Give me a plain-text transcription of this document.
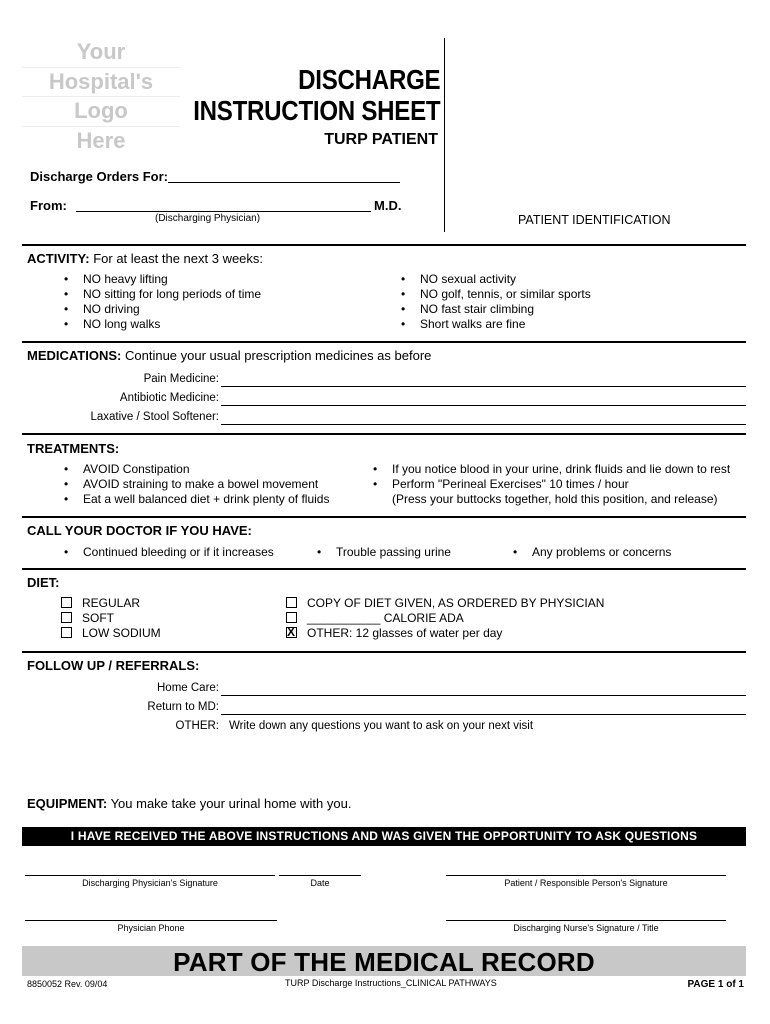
Your
Hospital's
Logo
Here
DISCHARGE
INSTRUCTION SHEET
TURP PATIENT
Discharge Orders For:
From:	M.D.
(Discharging Physician)	PATIENT IDENTIFICATION
ACTIVITY: For at least the next 3 weeks:
• NO heavy lifting
• NO sitting for long periods of time
• NO driving
• NO long walks
• NO sexual activity
• NO golf, tennis, or similar sports
• NO fast stair climbing
• Short walks are fine
MEDICATIONS: Continue your usual prescription medicines as before
Pain Medicine:
Antibiotic Medicine:
Laxative / Stool Softener:
TREATMENTS:
• AVOID Constipation
• AVOID straining to make a bowel movement
• Eat a well balanced diet + drink plenty of fluids
• If you notice blood in your urine, drink fluids and lie down to rest
• Perform "Perineal Exercises" 10 times / hour
(Press your buttocks together, hold this position, and release)
CALL YOUR DOCTOR IF YOU HAVE:
• Continued bleeding or if it increases	• Trouble passing urine	• Any problems or concerns
DIET:
REGULAR
SOFT
LOW SODIUM
COPY OF DIET GIVEN, AS ORDERED BY PHYSICIAN
___________ CALORIE ADA
XOTHER: 12 glasses of water per day
FOLLOW UP / REFERRALS:
Home Care:
Return to MD:
OTHER: Write down any questions you want to ask on your next visit
EQUIPMENT: You make take your urinal home with you.
I HAVE RECEIVED THE ABOVE INSTRUCTIONS AND WAS GIVEN THE OPPORTUNITY TO ASK QUESTIONS
Discharging Physician's Signature	Date	Patient / Responsible Person's Signature
Physician Phone	Discharging Nurse's Signature / Title
PART OF THE MEDICAL RECORD
8850052 Rev. 09/04	TURP Discharge Instructions_CLINICAL PATHWAYS	PAGE 1 of 1
